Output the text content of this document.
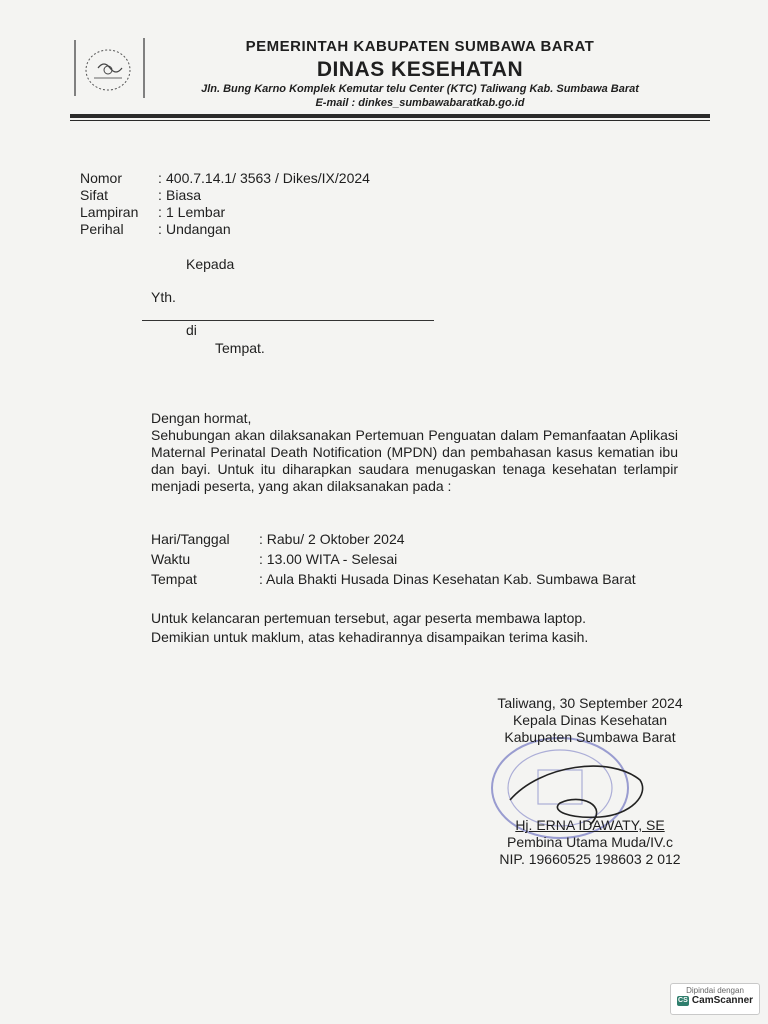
PEMERINTAH KABUPATEN SUMBAWA BARAT
DINAS KESEHATAN
Jln. Bung Karno Komplek Kemutar telu Center (KTC) Taliwang Kab. Sumbawa Barat
E-mail : dinkes_sumbawabaratkab.go.id
Nomor	: 400.7.14.1/ 3563 / Dikes/IX/2024
Sifat	: Biasa
Lampiran	: 1 Lembar
Perihal	: Undangan
Kepada
Yth.
di
Tempat.

Dengan hormat,

Sehubungan akan dilaksanakan Pertemuan Penguatan dalam Pemanfaatan Aplikasi Maternal Perinatal Death Notification (MPDN) dan pembahasan kasus kematian ibu dan bayi. Untuk itu diharapkan saudara menugaskan tenaga kesehatan terlampir menjadi peserta, yang akan dilaksanakan pada :

Hari/Tanggal	: Rabu/ 2 Oktober 2024
Waktu	: 13.00 WITA - Selesai
Tempat	: Aula Bhakti Husada Dinas Kesehatan Kab. Sumbawa Barat

Untuk kelancaran pertemuan tersebut, agar peserta membawa laptop.

Demikian untuk maklum, atas kehadirannya disampaikan terima kasih.

Taliwang, 30 September 2024
Kepala Dinas Kesehatan
Kabupaten Sumbawa Barat
Hj. ERNA IDAWATY, SE
Pembina Utama Muda/IV.c
NIP. 19660525 198603 2 012
Dipindai dengan
CS CamScanner
